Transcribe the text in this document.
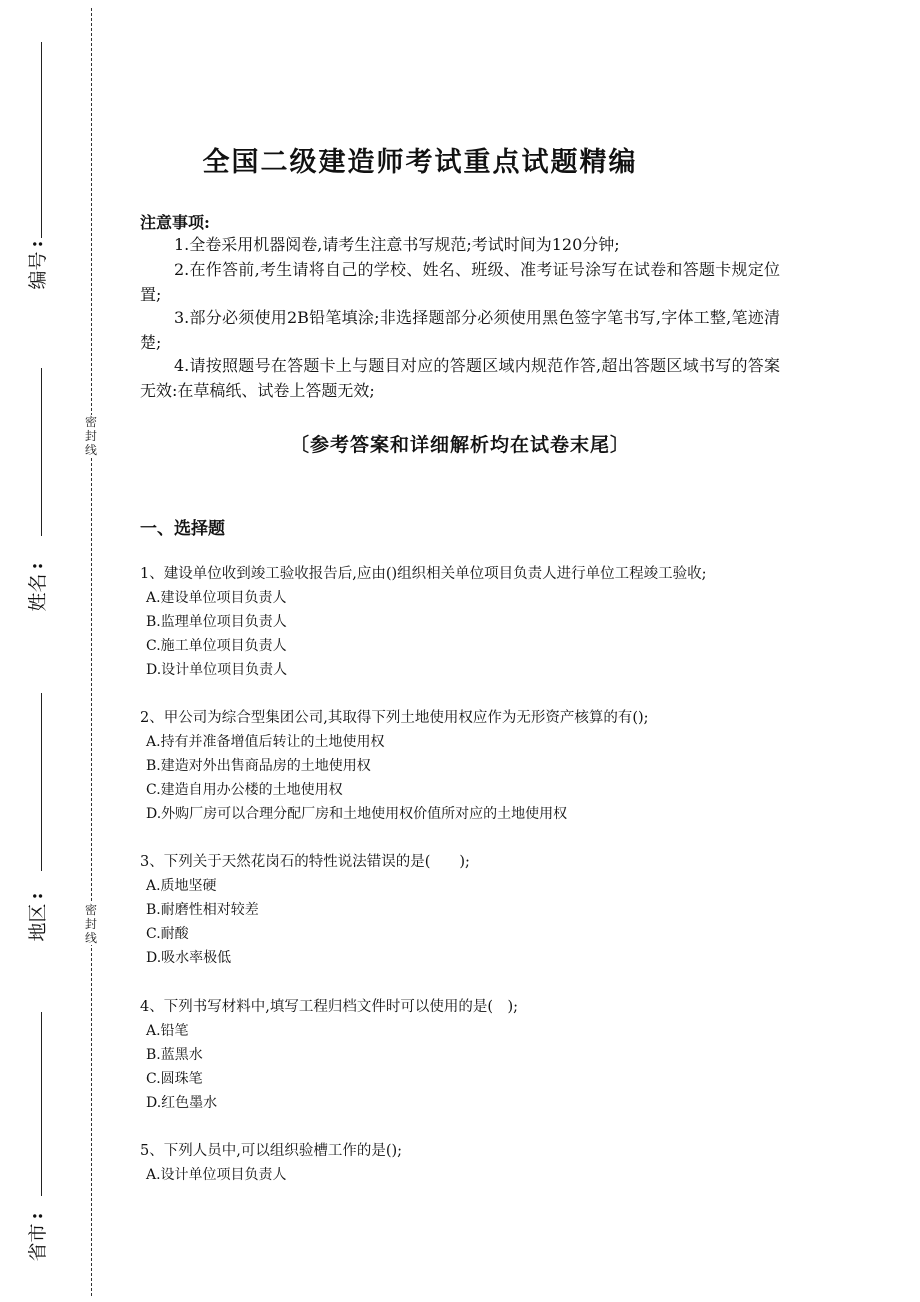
密
封
线
密
封
线
编号
:
姓名
:
地区
:
省市
:
全国二级建造师考试重点试题精编
注意事项:
1.全卷采用机器阅卷,请考生注意书写规范;考试时间为120分钟;
2.在作答前,考生请将自己的学校、姓名、班级、准考证号涂写在试卷和答题卡规定位置;
3.部分必须使用2B铅笔填涂;非选择题部分必须使用黑色签字笔书写,字体工整,笔迹清楚;
4.请按照题号在答题卡上与题目对应的答题区域内规范作答,超出答题区域书写的答案无效:在草稿纸、试卷上答题无效;
〔参考答案和详细解析均在试卷末尾〕
一、选择题
1、建设单位收到竣工验收报告后,应由()组织相关单位项目负责人进行单位工程竣工验收;
A.建设单位项目负责人
B.监理单位项目负责人
C.施工单位项目负责人
D.设计单位项目负责人
2、甲公司为综合型集团公司,其取得下列土地使用权应作为无形资产核算的有();
A.持有并准备增值后转让的土地使用权
B.建造对外出售商品房的土地使用权
C.建造自用办公楼的土地使用权
D.外购厂房可以合理分配厂房和土地使用权价值所对应的土地使用权
3、下列关于天然花岗石的特性说法错误的是(　　);
A.质地坚硬
B.耐磨性相对较差
C.耐酸
D.吸水率极低
4、下列书写材料中,填写工程归档文件时可以使用的是(　);
A.铅笔
B.蓝黑水
C.圆珠笔
D.红色墨水
5、下列人员中,可以组织验槽工作的是();
A.设计单位项目负责人
